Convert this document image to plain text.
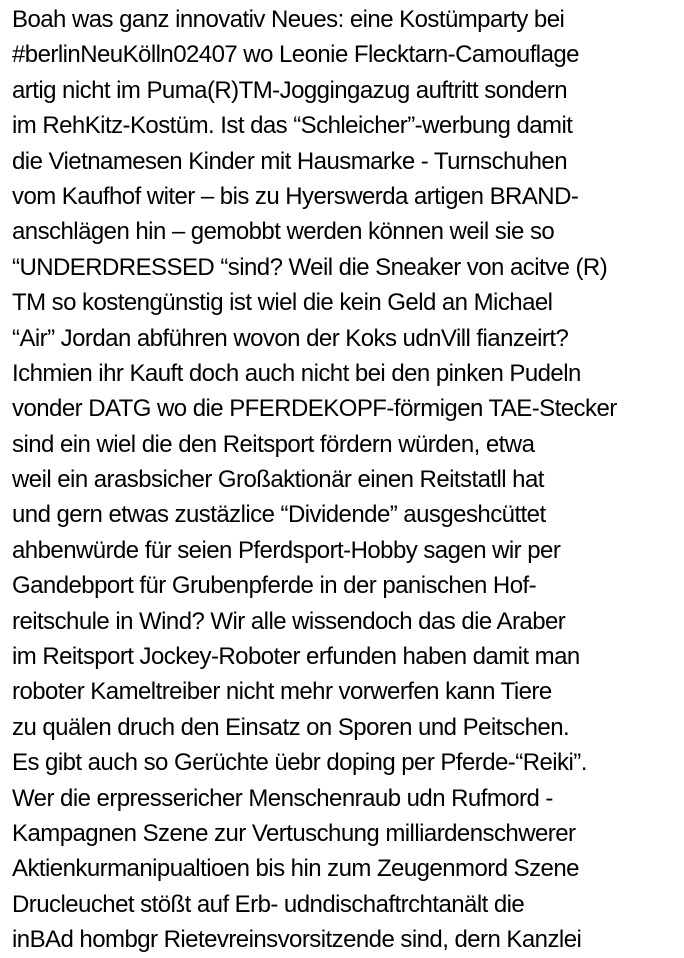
Boah was ganz innovativ Neues: eine Kostümparty bei
#berlinNeuKölln02407 wo Leonie Flecktarn-Camouflage
artig nicht im Puma(R)TM-Joggingazug auftritt sondern
im RehKitz-Kostüm. Ist das “Schleicher”-werbung damit
die Vietnamesen Kinder mit Hausmarke - Turnschuhen
vom Kaufhof witer – bis zu Hyerswerda artigen BRAND-
anschlägen hin – gemobbt werden können weil sie so
“UNDERDRESSED “sind? Weil die Sneaker von acitve (R)
TM so kostengünstig ist wiel die kein Geld an Michael
“Air” Jordan abführen wovon der Koks udnVill fianzeirt?
Ichmien ihr Kauft doch auch nicht bei den pinken Pudeln
vonder DATG wo die PFERDEKOPF-förmigen TAE-Stecker
sind ein wiel die den Reitsport fördern würden, etwa
weil ein arasbsicher Großaktionär einen Reitstatll hat
und gern etwas zustäzlice “Dividende” ausgeshcüttet
ahbenwürde für seien Pferdsport-Hobby sagen wir per
Gandebport für Grubenpferde in der panischen Hof-
reitschule in Wind? Wir alle wissendoch das die Araber
im Reitsport Jockey-Roboter erfunden haben damit man
roboter Kameltreiber nicht mehr vorwerfen kann Tiere
zu quälen druch den Einsatz on Sporen und Peitschen.
Es gibt auch so Gerüchte üebr doping per Pferde-“Reiki”.
Wer die erpressericher Menschenraub udn Rufmord -
Kampagnen Szene zur Vertuschung milliardenschwerer
Aktienkurmanipualtioen bis hin zum Zeugenmord Szene
Drucleuchet stößt auf Erb- udndischaftrchtanält die
inBAd hombgr Rietevreinsvorsitzende sind, dern Kanzlei
